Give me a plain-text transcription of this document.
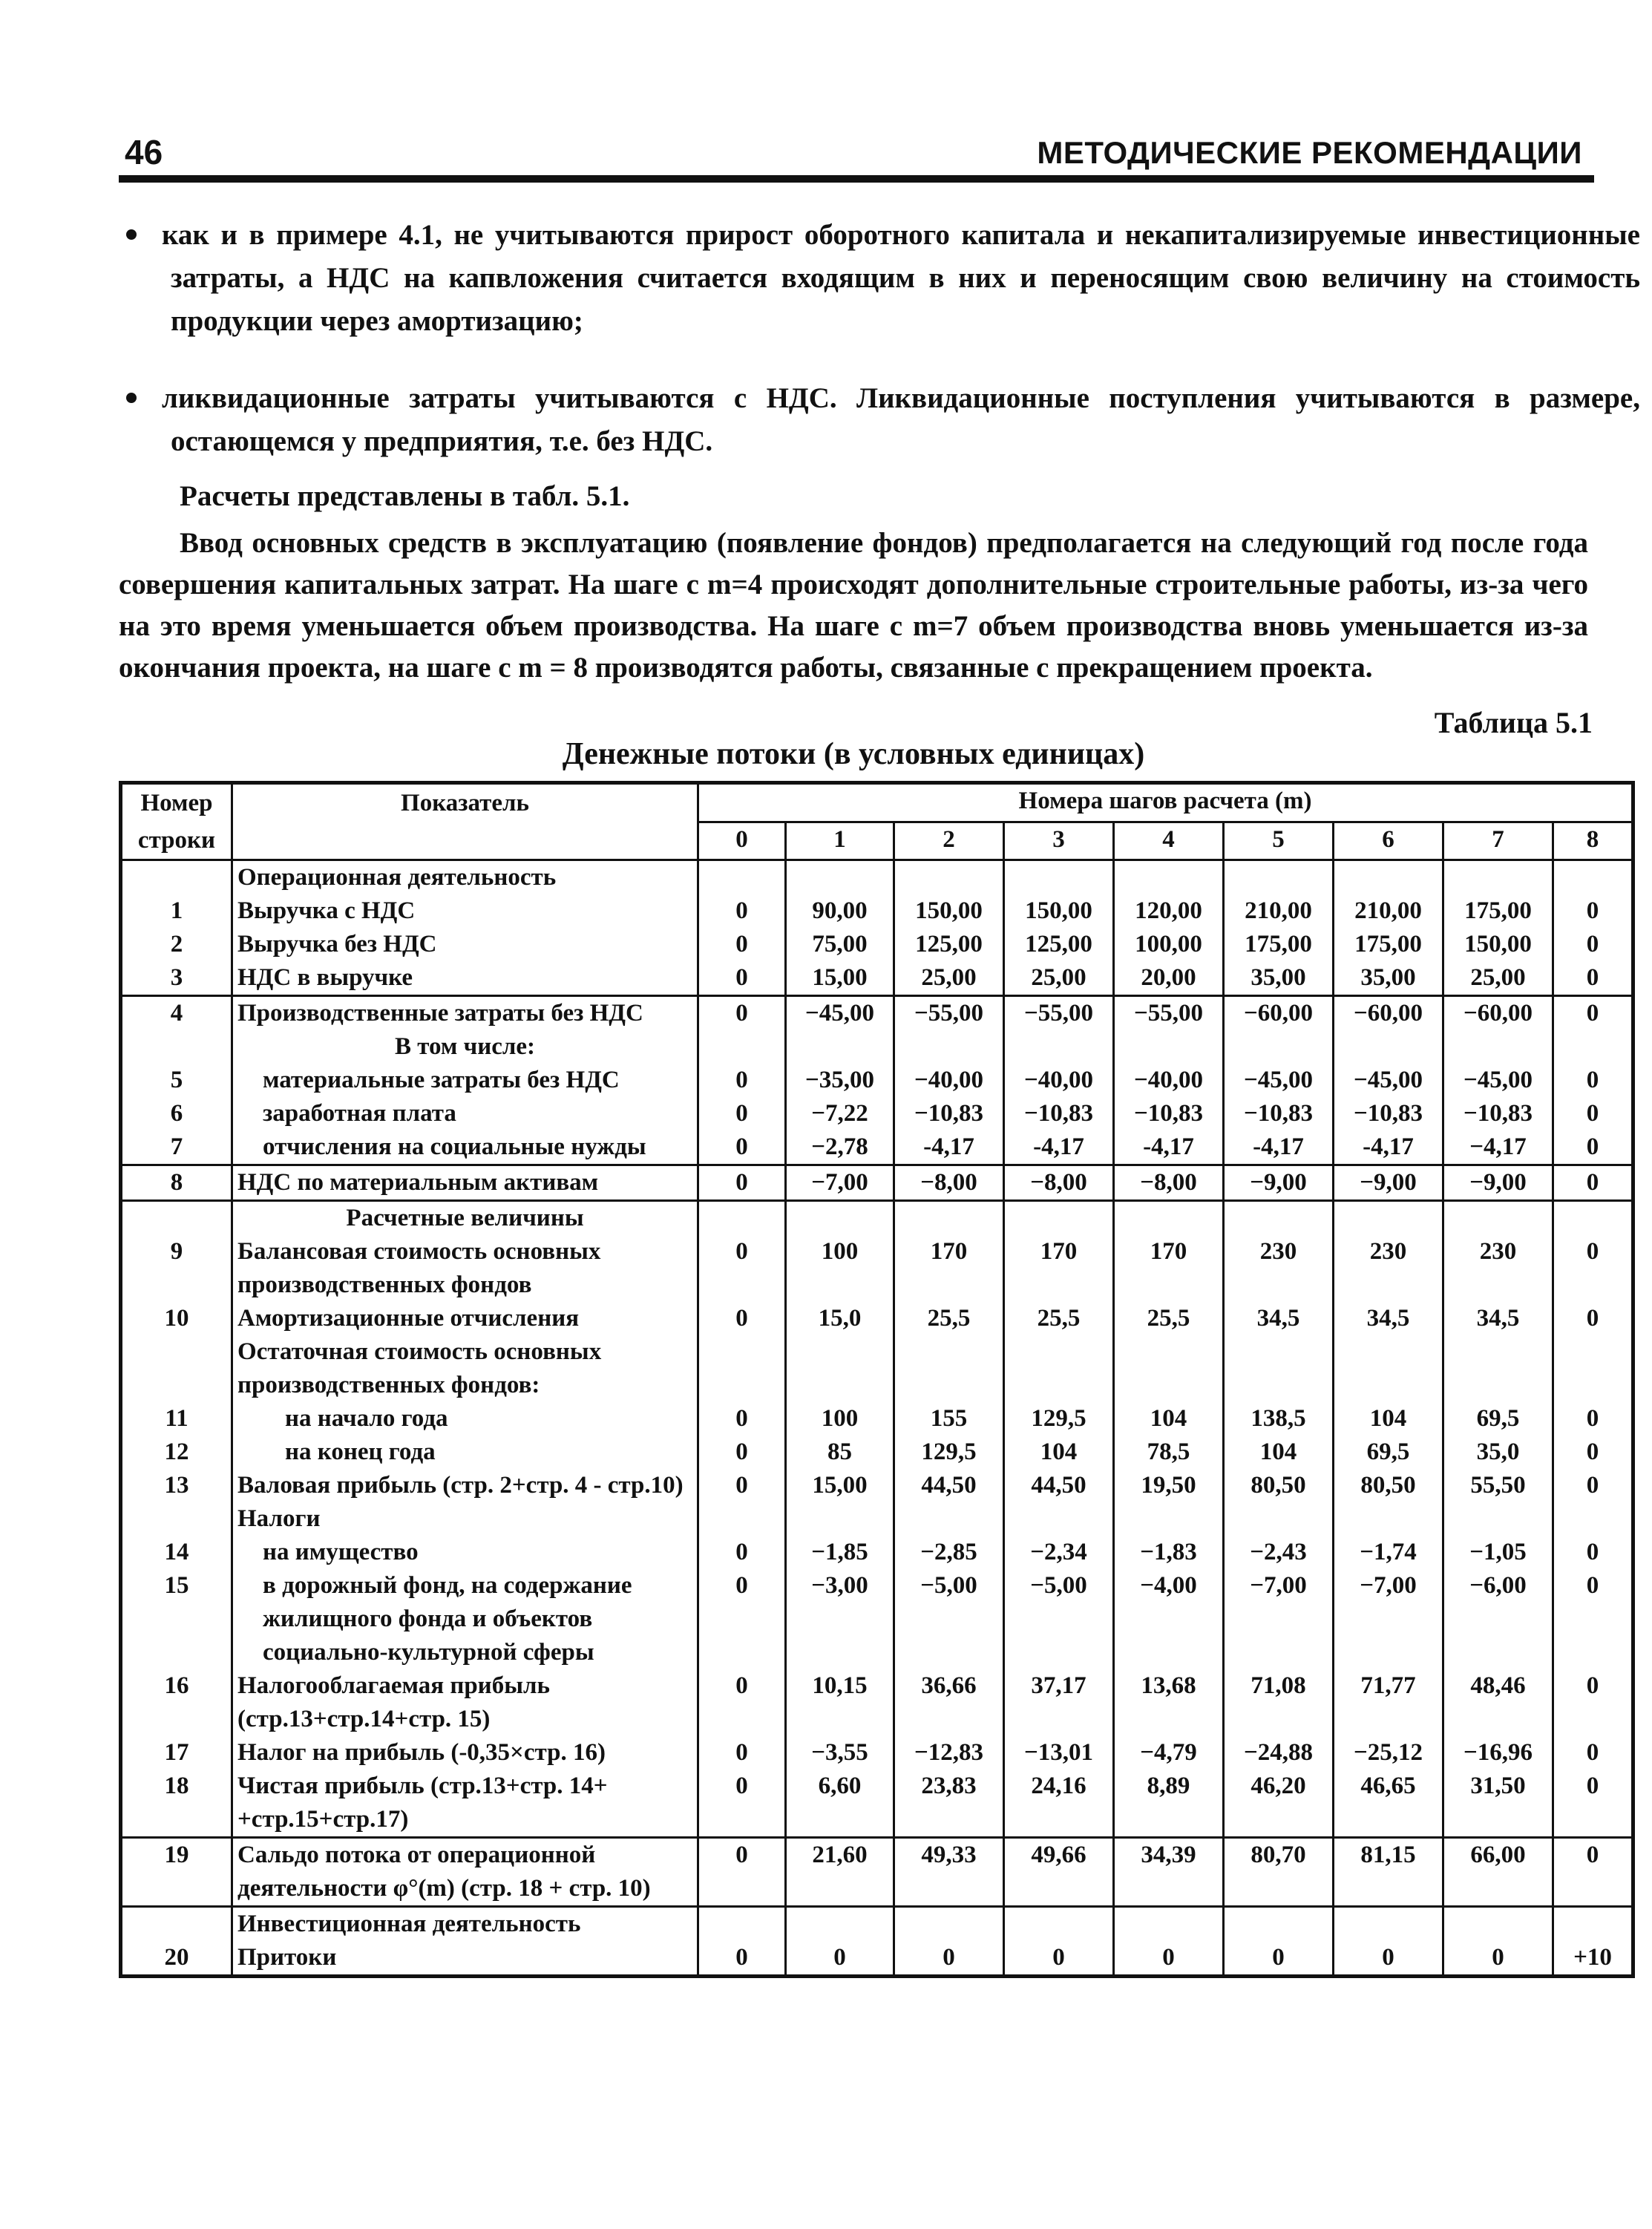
46	МЕТОДИЧЕСКИЕ РЕКОМЕНДАЦИИ
как и в примере 4.1, не учитываются прирост оборотного капитала и некапитализируемые инвестиционные затраты, а НДС на капвложения считается входящим в них и переносящим свою величину на стоимость продукции через амортизацию;
ликвидационные затраты учитываются с НДС. Ликвидационные поступления учитываются в размере, остающемся у предприятия, т.е. без НДС.
Расчеты представлены в табл. 5.1.
Ввод основных средств в эксплуатацию (появление фондов) предполагается на следующий год после года совершения капитальных затрат. На шаге с m=4 происходят дополнительные строительные работы, из-за чего на это время уменьшается объем производства. На шаге с m=7 объем производства вновь уменьшается из-за окончания проекта, на шаге с m = 8 производятся работы, связанные с прекращением проекта.
Таблица 5.1
Денежные потоки (в условных единицах)
Номер
строки	Показатель	Номера шагов расчета (m)								
		0	1	2	3	4	5	6	7	8
	Операционная деятельность									
1	Выручка с НДС	0	90,00	150,00	150,00	120,00	210,00	210,00	175,00	0
2	Выручка без НДС	0	75,00	125,00	125,00	100,00	175,00	175,00	150,00	0
3	НДС в выручке	0	15,00	25,00	25,00	20,00	35,00	35,00	25,00	0
4	Производственные затраты без НДС	0	−45,00	−55,00	−55,00	−55,00	−60,00	−60,00	−60,00	0
	В том числе:									
5	материальные затраты без НДС	0	−35,00	−40,00	−40,00	−40,00	−45,00	−45,00	−45,00	0
6	заработная плата	0	−7,22	−10,83	−10,83	−10,83	−10,83	−10,83	−10,83	0
7	отчисления на социальные нужды	0	−2,78	-4,17	-4,17	-4,17	-4,17	-4,17	−4,17	0
8	НДС по материальным активам	0	−7,00	−8,00	−8,00	−8,00	−9,00	−9,00	−9,00	0
	Расчетные величины									
9	Балансовая стоимость основных производственных фондов	0	100	170	170	170	230	230	230	0
10	Амортизационные отчисления	0	15,0	25,5	25,5	25,5	34,5	34,5	34,5	0
	Остаточная стоимость основных производственных фондов:									
11	на начало года	0	100	155	129,5	104	138,5	104	69,5	0
12	на конец года	0	85	129,5	104	78,5	104	69,5	35,0	0
13	Валовая прибыль (стр. 2+стр. 4 - стр.10)	0	15,00	44,50	44,50	19,50	80,50	80,50	55,50	0
	Налоги									
14	на имущество	0	−1,85	−2,85	−2,34	−1,83	−2,43	−1,74	−1,05	0
15	в дорожный фонд, на содержание жилищного фонда и объектов социально-культурной сферы	0	−3,00	−5,00	−5,00	−4,00	−7,00	−7,00	−6,00	0
16	Налогооблагаемая прибыль (стр.13+стр.14+стр. 15)	0	10,15	36,66	37,17	13,68	71,08	71,77	48,46	0
17	Налог на прибыль (-0,35×стр. 16)	0	−3,55	−12,83	−13,01	−4,79	−24,88	−25,12	−16,96	0
18	Чистая прибыль (стр.13+стр. 14+ +стр.15+стр.17)	0	6,60	23,83	24,16	8,89	46,20	46,65	31,50	0
19	Сальдо потока от операционной деятельности φ°(m) (стр. 18 + стр. 10)	0	21,60	49,33	49,66	34,39	80,70	81,15	66,00	0
	Инвестиционная деятельность									
20	Притоки	0	0	0	0	0	0	0	0	+10
